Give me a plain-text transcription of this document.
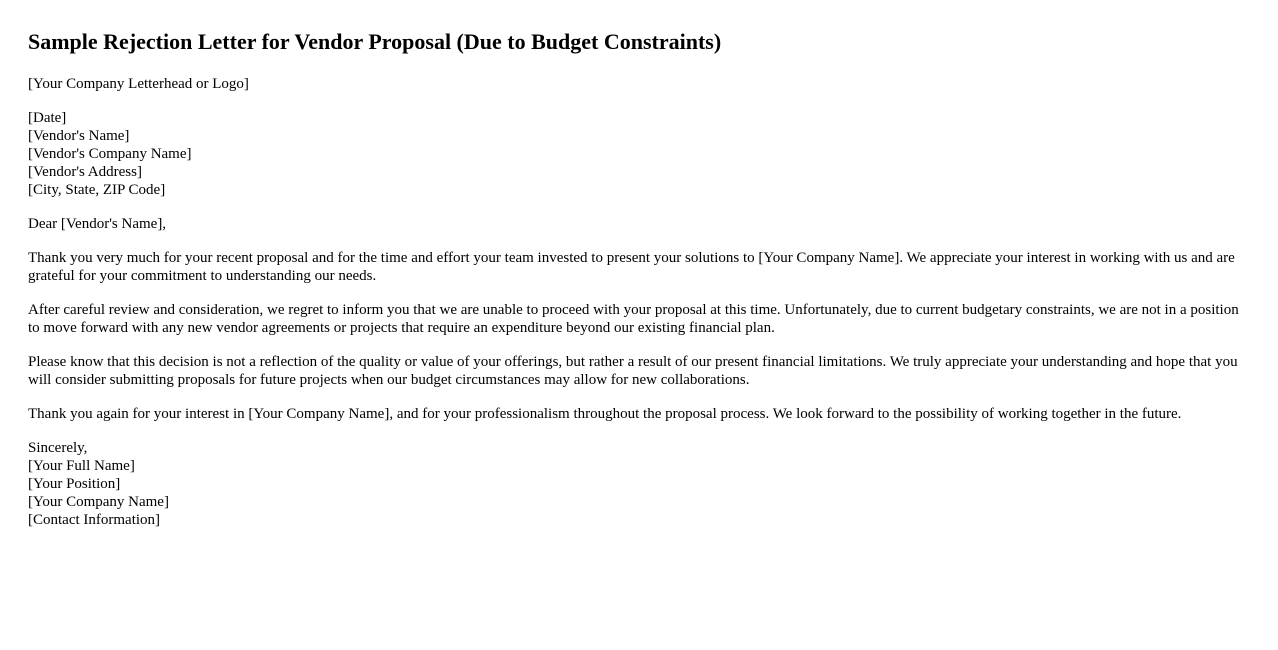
Sample Rejection Letter for Vendor Proposal (Due to Budget Constraints)

[Your Company Letterhead or Logo]

[Date]
[Vendor's Name]
[Vendor's Company Name]
[Vendor's Address]
[City, State, ZIP Code]

Dear [Vendor's Name],

Thank you very much for your recent proposal and for the time and effort your team invested to present your solutions to [Your Company Name]. We appreciate your interest in working with us and are grateful for your commitment to understanding our needs.

After careful review and consideration, we regret to inform you that we are unable to proceed with your proposal at this time. Unfortunately, due to current budgetary constraints, we are not in a position to move forward with any new vendor agreements or projects that require an expenditure beyond our existing financial plan.

Please know that this decision is not a reflection of the quality or value of your offerings, but rather a result of our present financial limitations. We truly appreciate your understanding and hope that you will consider submitting proposals for future projects when our budget circumstances may allow for new collaborations.

Thank you again for your interest in [Your Company Name], and for your professionalism throughout the proposal process. We look forward to the possibility of working together in the future.

Sincerely,
[Your Full Name]
[Your Position]
[Your Company Name]
[Contact Information]
